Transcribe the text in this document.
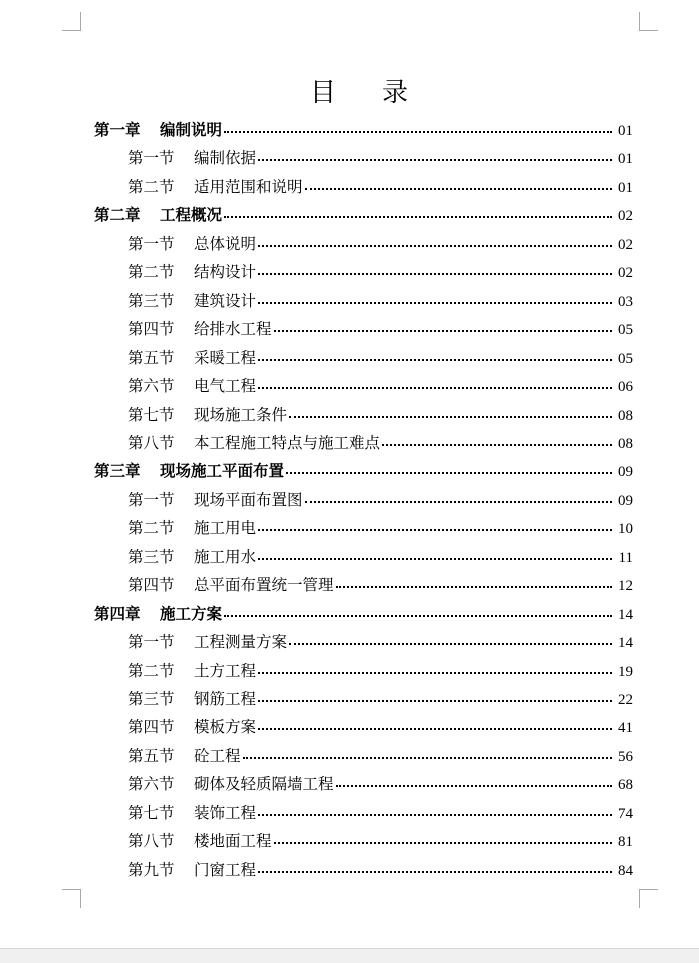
目录
第一章	编制说明	01
第一节	编制依据	01
第二节	适用范围和说明	01
第二章	工程概况	02
第一节	总体说明	02
第二节	结构设计	02
第三节	建筑设计	03
第四节	给排水工程	05
第五节	采暖工程	05
第六节	电气工程	06
第七节	现场施工条件	08
第八节	本工程施工特点与施工难点	08
第三章	现场施工平面布置	09
第一节	现场平面布置图	09
第二节	施工用电	10
第三节	施工用水	11
第四节	总平面布置统一管理	12
第四章	施工方案	14
第一节	工程测量方案	14
第二节	土方工程	19
第三节	钢筋工程	22
第四节	模板方案	41
第五节	砼工程	56
第六节	砌体及轻质隔墙工程	68
第七节	装饰工程	74
第八节	楼地面工程	81
第九节	门窗工程	84
